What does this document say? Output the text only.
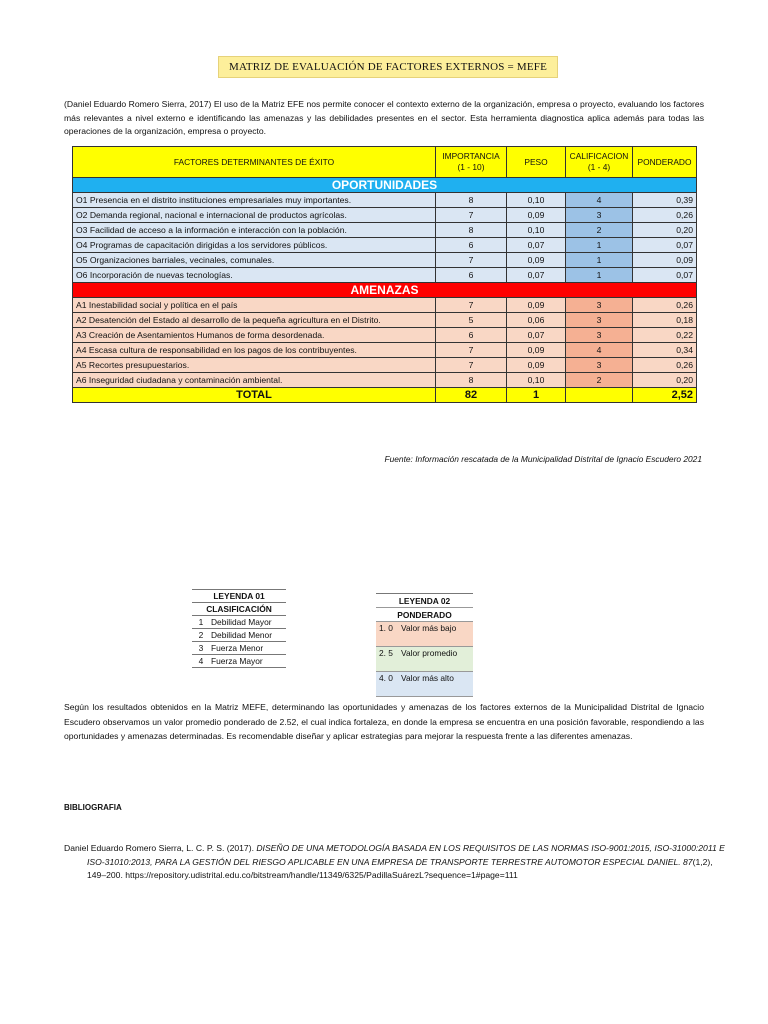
MATRIZ DE EVALUACIÓN DE FACTORES EXTERNOS = MEFE
(Daniel Eduardo Romero Sierra, 2017) El uso de la Matriz EFE nos permite conocer el contexto externo de la organización, empresa o proyecto, evaluando los factores más relevantes a nivel externo e identificando las amenazas y las debilidades presentes en el sector. Esta herramienta diagnostica aplica además para todas las operaciones de la organización, empresa o proyecto.
FACTORES DETERMINANTES DE ÉXITO	IMPORTANCIA (1 - 10)	PESO	CALIFICACION (1 - 4)	PONDERADO
OPORTUNIDADES				
O1 Presencia en el distrito instituciones empresariales muy importantes.	8	0,10	4	0,39
O2 Demanda regional, nacional e internacional de productos agrícolas.	7	0,09	3	0,26
O3 Facilidad de acceso a la información e interacción con la población.	8	0,10	2	0,20
O4 Programas de capacitación dirigidas a los servidores públicos.	6	0,07	1	0,07
O5 Organizaciones barriales, vecinales, comunales.	7	0,09	1	0,09
O6 Incorporación de nuevas tecnologías.	6	0,07	1	0,07
AMENAZAS				
A1 Inestabilidad social y política en el país	7	0,09	3	0,26
A2 Desatención del Estado al desarrollo de la pequeña agricultura en el Distrito.	5	0,06	3	0,18
A3 Creación de Asentamientos Humanos de forma desordenada.	6	0,07	3	0,22
A4 Escasa cultura de responsabilidad en los pagos de los contribuyentes.	7	0,09	4	0,34
A5 Recortes presupuestarios.	7	0,09	3	0,26
A6 Inseguridad ciudadana y contaminación ambiental.	8	0,10	2	0,20
TOTAL	82	1		2,52
Fuente: Información rescatada de la Municipalidad Distrital de Ignacio Escudero 2021
LEYENDA 01	
CLASIFICACIÓN	
1	Debilidad Mayor
2	Debilidad Menor
3	Fuerza Menor
4	Fuerza Mayor
LEYENDA 02
PONDERADO
1. 0 Valor más bajo
2. 5 Valor promedio
4. 0 Valor más alto
Según los resultados obtenidos en la Matriz MEFE, determinando las oportunidades y amenazas de los factores externos de la Municipalidad Distrital de Ignacio Escudero observamos un valor promedio ponderado de 2.52, el cual indica fortaleza, en donde la empresa se encuentra en una posición favorable, respondiendo a las oportunidades y amenazas determinadas. Es recomendable diseñar y aplicar estrategias para mejorar la respuesta frente a las diferentes amenazas.
BIBLIOGRAFIA
Daniel Eduardo Romero Sierra, L. C. P. S. (2017). DISEÑO DE UNA METODOLOGÍA BASADA EN LOS REQUISITOS DE LAS NORMAS ISO-9001:2015, ISO-31000:2011 E ISO-31010:2013, PARA LA GESTIÓN DEL RIESGO APLICABLE EN UNA EMPRESA DE TRANSPORTE TERRESTRE AUTOMOTOR ESPECIAL DANIEL. 87(1,2), 149–200. https://repository.udistrital.edu.co/bitstream/handle/11349/6325/PadillaSuárezL?sequence=1#page=111
